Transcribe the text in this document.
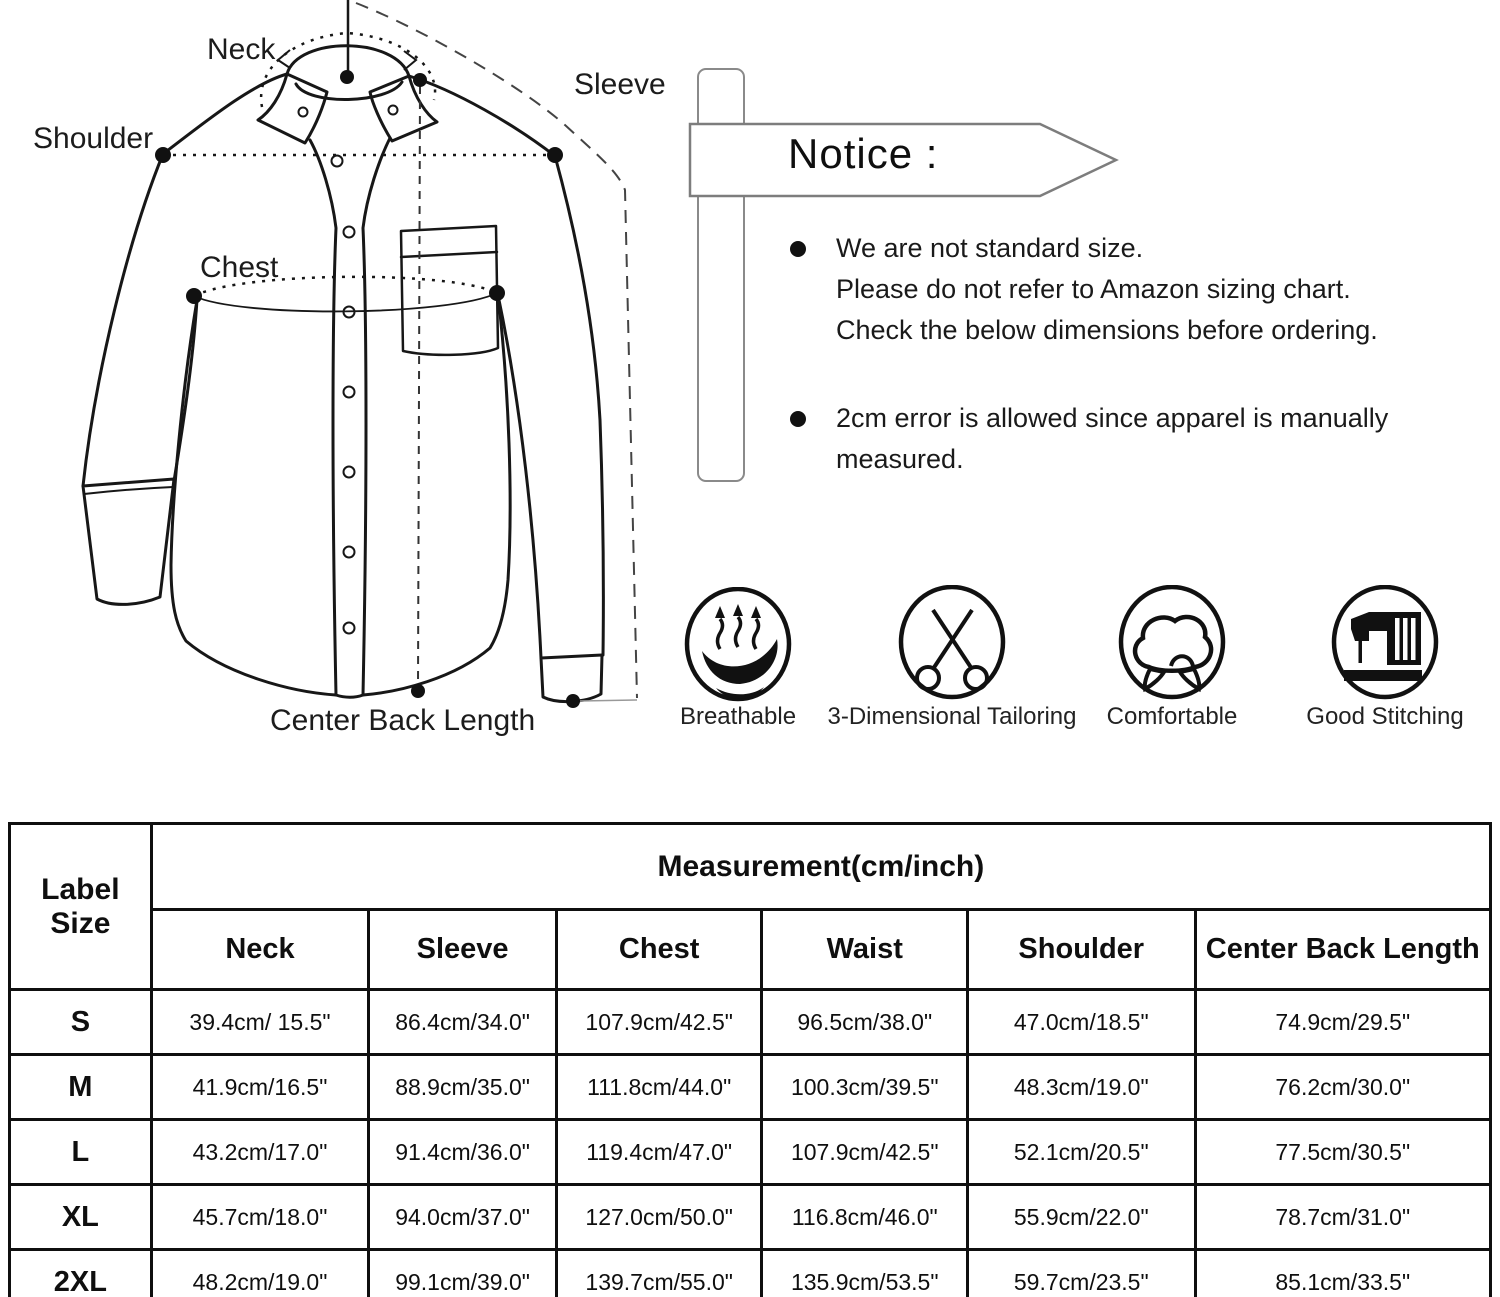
Neck
Shoulder
Sleeve
Chest
Center Back Length
Notice :
We are not standard size.
Please do not refer to Amazon sizing chart.
Check the below dimensions before ordering.
2cm error is allowed since apparel is manually
measured.
Breathable 3-Dimensional Tailoring Comfortable	Good Stitching
Label
Size	Measurement(cm/inch)					
	Neck	Sleeve	Chest	Waist	Shoulder	Center Back Length
S	39.4cm/ 15.5"	86.4cm/34.0"	107.9cm/42.5"	96.5cm/38.0"	47.0cm/18.5"	74.9cm/29.5"
M	41.9cm/16.5"	88.9cm/35.0"	111.8cm/44.0"	100.3cm/39.5"	48.3cm/19.0"	76.2cm/30.0"
L	43.2cm/17.0"	91.4cm/36.0"	119.4cm/47.0"	107.9cm/42.5"	52.1cm/20.5"	77.5cm/30.5"
XL	45.7cm/18.0"	94.0cm/37.0"	127.0cm/50.0"	116.8cm/46.0"	55.9cm/22.0"	78.7cm/31.0"
2XL	48.2cm/19.0"	99.1cm/39.0"	139.7cm/55.0"	135.9cm/53.5"	59.7cm/23.5"	85.1cm/33.5"
